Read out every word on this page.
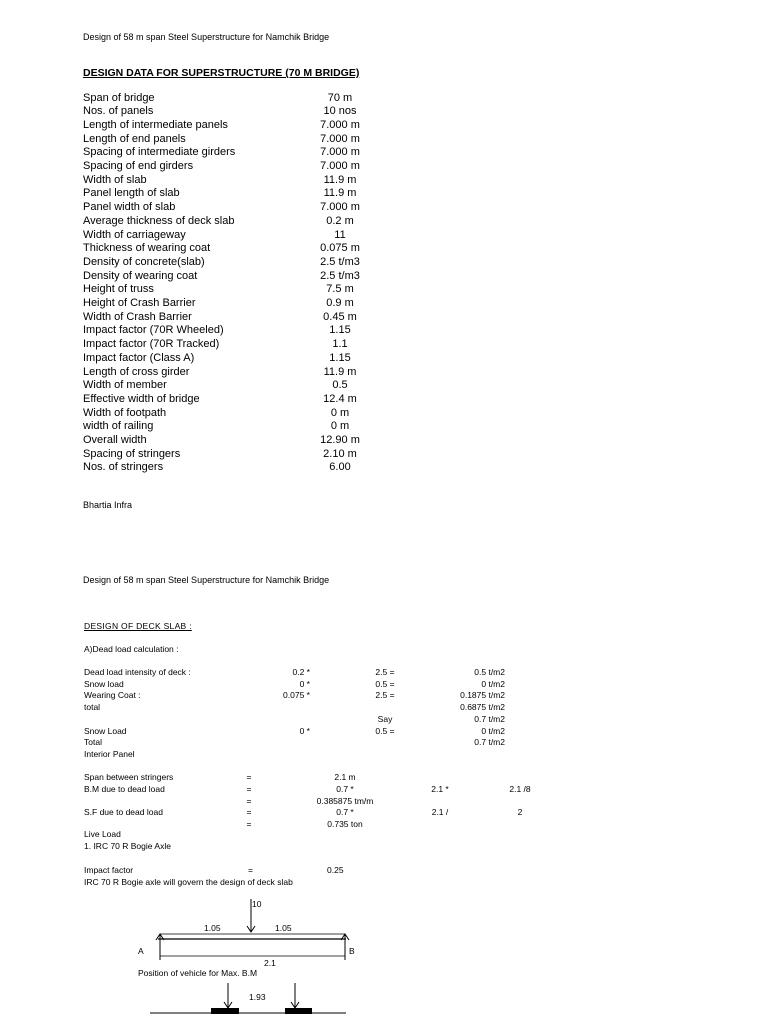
Design of 58 m span Steel Superstructure for Namchik Bridge
DESIGN DATA FOR SUPERSTRUCTURE (70 M BRIDGE)
Span of bridge	70 m
Nos. of panels	10 nos
Length of intermediate panels	7.000 m
Length of end panels	7.000 m
Spacing of intermediate girders	7.000 m
Spacing of end girders	7.000 m
Width of slab	11.9 m
Panel length of slab	11.9 m
Panel width of slab	7.000 m
Average thickness of deck slab	0.2 m
Width of carriageway	11
Thickness of wearing coat	0.075 m
Density of concrete(slab)	2.5 t/m3
Density of wearing coat	2.5 t/m3
Height of truss	7.5 m
Height of Crash Barrier	0.9 m
Width of Crash Barrier	0.45 m
Impact factor (70R Wheeled)	1.15
Impact factor (70R Tracked)	1.1
Impact factor (Class A)	1.15
Length of cross girder	11.9 m
Width of member	0.5
Effective width of bridge	12.4 m
Width of footpath	0 m
width of railing	0 m
Overall width	12.90 m
Spacing of stringers	2.10 m
Nos. of stringers	6.00
Bhartia Infra
Design of 58 m span Steel Superstructure for Namchik Bridge
DESIGN OF DECK SLAB :
A)Dead load calculation :
Dead load intensity of deck :	0.2 *	2.5 =	0.5 t/m2
Snow load	0 *	0.5 =	0 t/m2
Wearing Coat :	0.075 *	2.5 =	0.1875 t/m2
total	0.6875 t/m2
Say	0.7 t/m2
Snow Load	0 *	0.5 =	0 t/m2
Total	0.7 t/m2
Interior Panel
Span between stringers	=	2.1 m
B.M due to dead load	=	0.7 *	2.1 *	2.1 /8
=	0.385875 tm/m
S.F due to dead load	=	0.7 *	2.1 /	2
=	0.735 ton
Live Load
1. IRC 70 R Bogie Axle
Impact factor	=	0.25
IRC 70 R Bogie axle will govern the design of deck slab
10
1.05	1.05
A	B
2.1
Position of vehicle for Max. B.M
1.93
